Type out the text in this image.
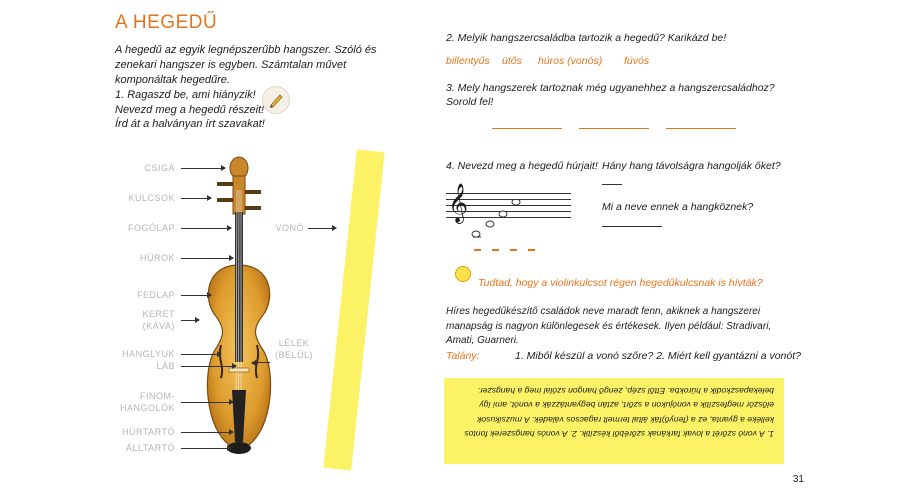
A HEGEDŰ
A hegedű az egyik legnépszerűbb hangszer. Szóló és zenekari hangszer is egyben. Számtalan művet komponáltak hegedűre.
1. Ragaszd be, ami hiányzik!
Nevezd meg a hegedű részeit!
Írd át a halványan írt szavakat!
CSIGA
KULCSOK
FOGÓLAP
HÚROK
FEDLAP
KERET
(KÁVA)
HANGLYUK
LÁB
FINOM-
HANGOLÓK
HÚRTARTÓ
ÁLLTARTÓ
VONÓ
LÉLEK
(BELÜL)
2. Melyik hangszercsaládba tartozik a hegedű? Karikázd be!
billentyűs ütős húros (vonós) fúvós
3. Mely hangszerek tartoznak még ugyanehhez a hangszercsaládhoz?
Sorold fel!
4. Nevezd meg a hegedű húrjait! Hány hang távolságra hangolják őket?
Mi a neve ennek a hangköznek?
𝄞
Tudtad, hogy a violinkulcsot régen hegedűkulcsnak is hívták?
Híres hegedűkészítő családok neve maradt fenn, akiknek a hangszerei manapság is nagyon különlegesek és értékesek. Ilyen például: Stradivari, Amati, Guarneri.
Talány:	1. Miből készül a vonó szőre? 2. Miért kell gyantázni a vonót?
1. A vonó szőrét a lovak farkának szőréből készítik. 2. A vonós hangszerek fontos kelléke a gyanta, ez a (fenyő)fák által termelt ragacsos váladék. A muzsikusok először megfeszítik a vonójukon a szőrt, aztán begyantázzák a vonót, ami így belekapaszkodik a húrokba. Ettől szép, zengő hangon szólal meg a hangszer.
31
